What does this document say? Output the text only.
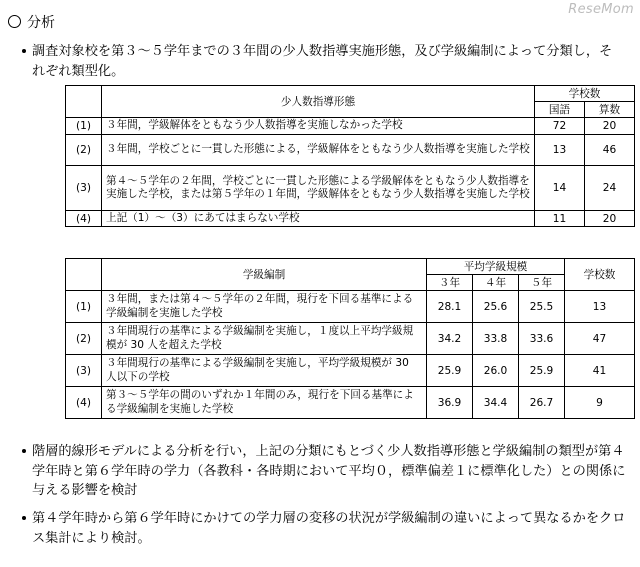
ReseMom
分析
調査対象校を第３～５学年までの３年間の少人数指導実施形態，及び学級編制によって分類し，それぞれ類型化。
	少人数指導形態	学校数	
		国語	算数
(1)	３年間，学級解体をともなう少人数指導を実施しなかった学校	72	20
(2)	３年間，学校ごとに一貫した形態による，学級解体をともなう少人数指導を実施した学校	13	46
(3)	第４～５学年の２年間，学校ごとに一貫した形態による学級解体をともなう少人数指導を実施した学校，または第５学年の１年間，学級解体をともなう少人数指導を実施した学校	14	24
(4)	上記（1）～（3）にあてはまらない学校	11	20
	学級編制	平均学級規模			学校数
		３年	４年	５年	
(1)	３年間，または第４～５学年の２年間，現行を下回る基準による学級編制を実施した学校	28.1	25.6	25.5	13
(2)	３年間現行の基準による学級編制を実施し，１度以上平均学級規模が 30 人を超えた学校	34.2	33.8	33.6	47
(3)	３年間現行の基準による学級編制を実施し，平均学級規模が 30 人以下の学校	25.9	26.0	25.9	41
(4)	第３～５学年の間のいずれか１年間のみ，現行を下回る基準による学級編制を実施した学校	36.9	34.4	26.7	9
階層的線形モデルによる分析を行い，上記の分類にもとづく少人数指導形態と学級編制の類型が第４学年時と第６学年時の学力（各教科・各時期において平均０，標準偏差１に標準化した）との関係に与える影響を検討
第４学年時から第６学年時にかけての学力層の変移の状況が学級編制の違いによって異なるかをクロス集計により検討。
